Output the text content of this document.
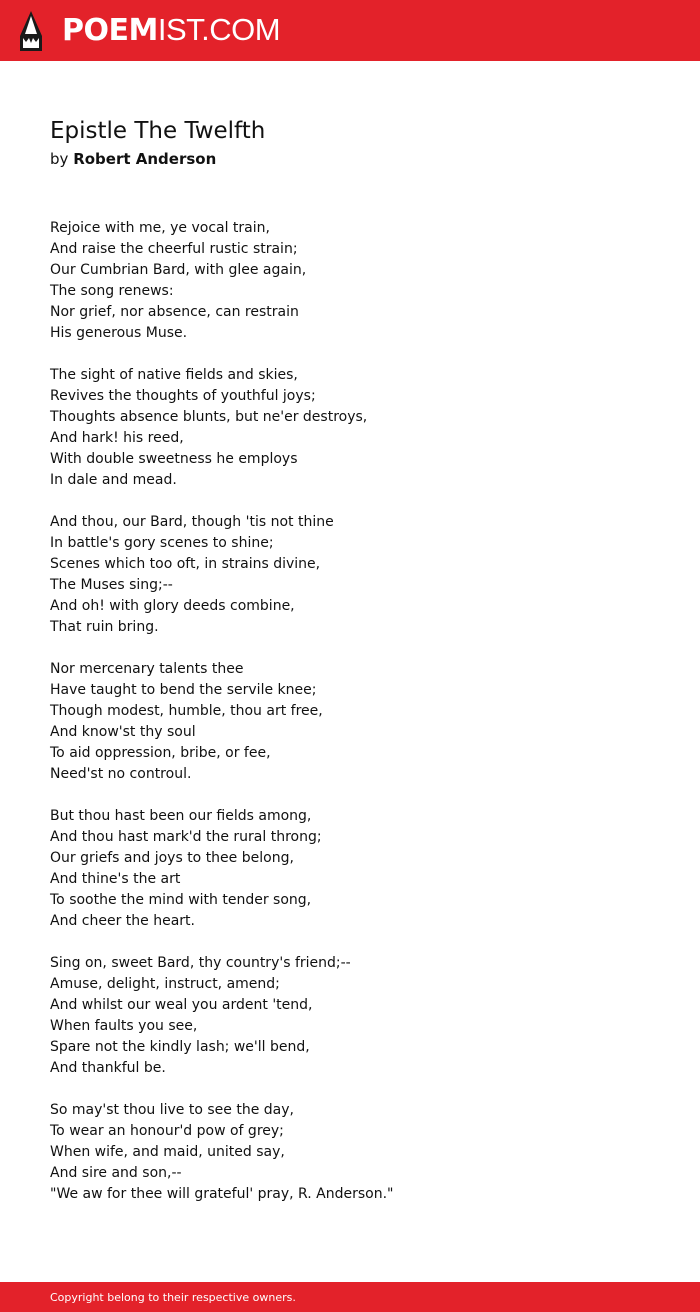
POEMIST.COM
Epistle The Twelfth
by Robert Anderson
Rejoice with me, ye vocal train,
And raise the cheerful rustic strain;
Our Cumbrian Bard, with glee again,
The song renews:
Nor grief, nor absence, can restrain
His generous Muse.
The sight of native fields and skies,
Revives the thoughts of youthful joys;
Thoughts absence blunts, but ne'er destroys,
And hark! his reed,
With double sweetness he employs
In dale and mead.
And thou, our Bard, though 'tis not thine
In battle's gory scenes to shine;
Scenes which too oft, in strains divine,
The Muses sing;--
And oh! with glory deeds combine,
That ruin bring.
Nor mercenary talents thee
Have taught to bend the servile knee;
Though modest, humble, thou art free,
And know'st thy soul
To aid oppression, bribe, or fee,
Need'st no controul.
But thou hast been our fields among,
And thou hast mark'd the rural throng;
Our griefs and joys to thee belong,
And thine's the art
To soothe the mind with tender song,
And cheer the heart.
Sing on, sweet Bard, thy country's friend;--
Amuse, delight, instruct, amend;
And whilst our weal you ardent 'tend,
When faults you see,
Spare not the kindly lash; we'll bend,
And thankful be.
So may'st thou live to see the day,
To wear an honour'd pow of grey;
When wife, and maid, united say,
And sire and son,--
"We aw for thee will grateful' pray, R. Anderson."
Copyright belong to their respective owners.
